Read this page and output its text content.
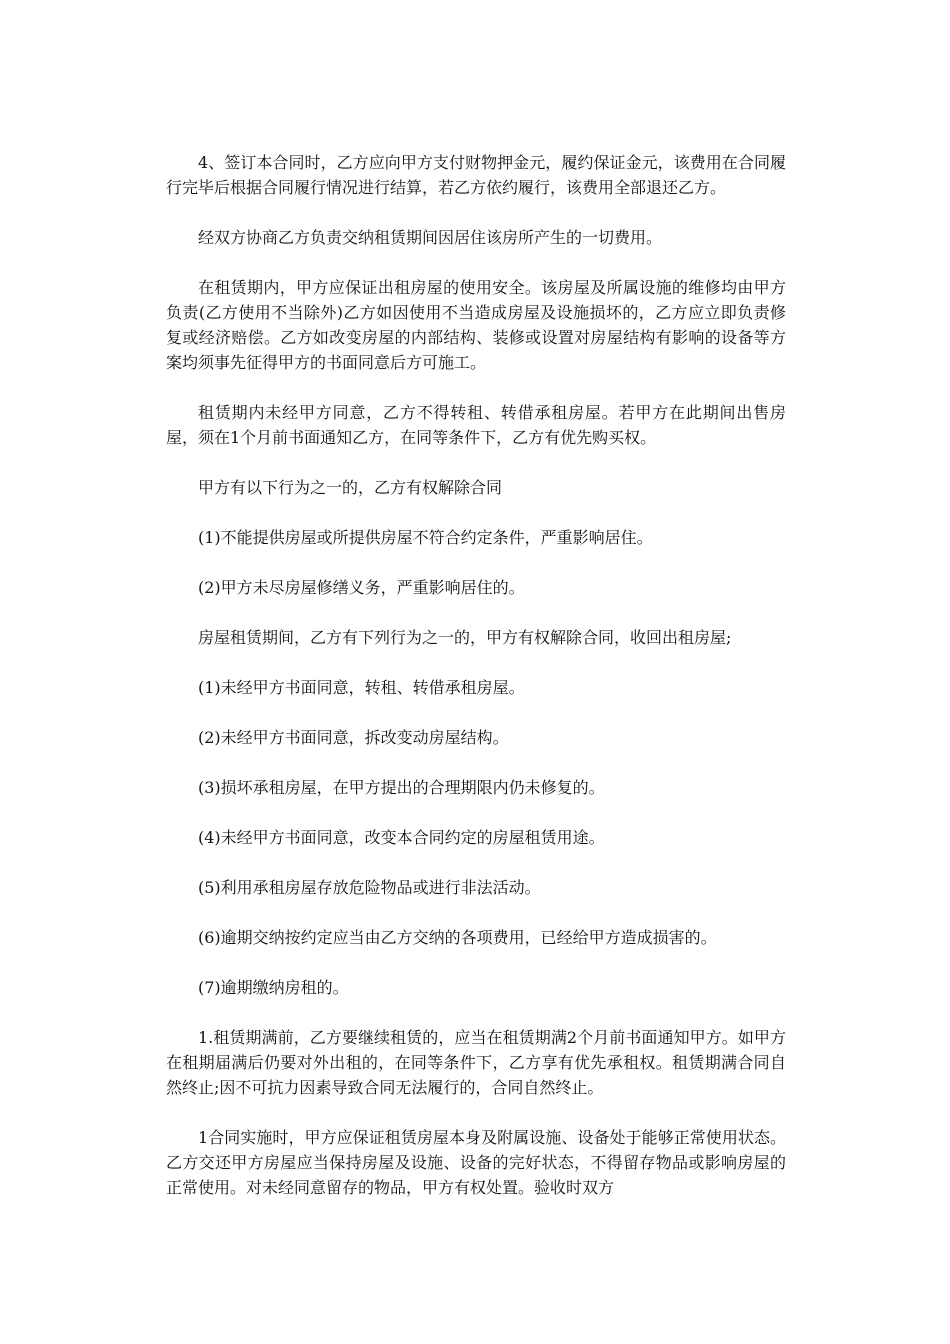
4、签订本合同时，乙方应向甲方支付财物押金元，履约保证金元，该费用在合同履行完毕后根据合同履行情况进行结算，若乙方依约履行，该费用全部退还乙方。

经双方协商乙方负责交纳租赁期间因居住该房所产生的一切费用。

在租赁期内，甲方应保证出租房屋的使用安全。该房屋及所属设施的维修均由甲方负责(乙方使用不当除外)乙方如因使用不当造成房屋及设施损坏的，乙方应立即负责修复或经济赔偿。乙方如改变房屋的内部结构、装修或设置对房屋结构有影响的设备等方案均须事先征得甲方的书面同意后方可施工。

租赁期内未经甲方同意，乙方不得转租、转借承租房屋。若甲方在此期间出售房屋，须在1个月前书面通知乙方，在同等条件下，乙方有优先购买权。

甲方有以下行为之一的，乙方有权解除合同

(1)不能提供房屋或所提供房屋不符合约定条件，严重影响居住。

(2)甲方未尽房屋修缮义务，严重影响居住的。

房屋租赁期间，乙方有下列行为之一的，甲方有权解除合同，收回出租房屋;

(1)未经甲方书面同意，转租、转借承租房屋。

(2)未经甲方书面同意，拆改变动房屋结构。

(3)损坏承租房屋，在甲方提出的合理期限内仍未修复的。

(4)未经甲方书面同意，改变本合同约定的房屋租赁用途。

(5)利用承租房屋存放危险物品或进行非法活动。

(6)逾期交纳按约定应当由乙方交纳的各项费用，已经给甲方造成损害的。

(7)逾期缴纳房租的。

1.租赁期满前，乙方要继续租赁的，应当在租赁期满2个月前书面通知甲方。如甲方在租期届满后仍要对外出租的，在同等条件下，乙方享有优先承租权。租赁期满合同自然终止;因不可抗力因素导致合同无法履行的，合同自然终止。

1合同实施时，甲方应保证租赁房屋本身及附属设施、设备处于能够正常使用状态。乙方交还甲方房屋应当保持房屋及设施、设备的完好状态，不得留存物品或影响房屋的正常使用。对未经同意留存的物品，甲方有权处置。验收时双方
